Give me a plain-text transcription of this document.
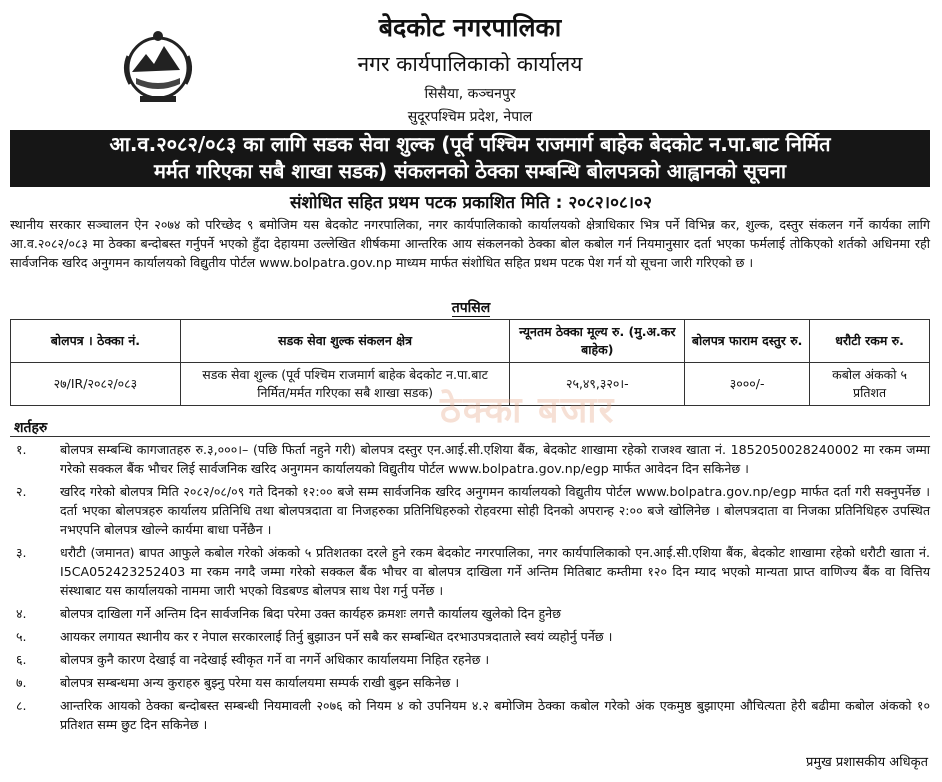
बेदकोट नगरपालिका
नगर कार्यपालिकाको कार्यालय
सिसैया, कञ्चनपुर
सुदूरपश्चिम प्रदेश, नेपाल
आ.व.२०८२/०८३ का लागि सडक सेवा शुल्क (पूर्व पश्चिम राजमार्ग बाहेक बेदकोट न.पा.बाट निर्मित
मर्मत गरिएका सबै शाखा सडक) संकलनको ठेक्का सम्बन्धि बोलपत्रको आह्वानको सूचना
संशोधित सहित प्रथम पटक प्रकाशित मिति : २०८२।०८।०२
स्थानीय सरकार सञ्चालन ऐन २०७४ को परिच्छेद ९ बमोजिम यस बेदकोट नगरपालिका, नगर कार्यपालिकाको कार्यालयको क्षेत्राधिकार भित्र पर्ने विभिन्न कर, शुल्क, दस्तुर संकलन गर्ने कार्यका लागि आ.व.२०८२/०८३ मा ठेक्का बन्दोबस्त गर्नुपर्ने भएको हुँदा देहायमा उल्लेखित शीर्षकमा आन्तरिक आय संकलनको ठेक्का बोल कबोल गर्न नियमानुसार दर्ता भएका फर्मलाई तोकिएको शर्तको अधिनमा रही सार्वजनिक खरिद अनुगमन कार्यालयको विद्युतीय पोर्टल www.bolpatra.gov.np माध्यम मार्फत संशोधित सहित प्रथम पटक पेश गर्न यो सूचना जारी गरिएको छ ।
तपसिल
बोलपत्र । ठेक्का नं.	सडक सेवा शुल्क संकलन क्षेत्र	न्यूनतम ठेक्का मूल्य रु. (मु.अ.कर बाहेक)	बोलपत्र फाराम दस्तुर रु.	धरौटी रकम रु.
२७/IR/२०८२/०८३	सडक सेवा शुल्क (पूर्व पश्चिम राजमार्ग बाहेक बेदकोट न.पा.बाट निर्मित/मर्मत गरिएका सबै शाखा सडक)	२५,४९,३२०।-	३०००/-	कबोल अंकको ५ प्रतिशत
ठेक्का बजार
शर्तहरु
१.	बोलपत्र सम्बन्धि कागजातहरु रु.३,०००।– (पछि फिर्ता नहुने गरी) बोलपत्र दस्तुर एन.आई.सी.एशिया बैंक, बेदकोट शाखामा रहेको राजश्व खाता नं. 1852050028240002 मा रकम जम्मा गरेको सक्कल बैंक भौचर लिई सार्वजनिक खरिद अनुगमन कार्यालयको विद्युतीय पोर्टल www.bolpatra.gov.np/egp मार्फत आवेदन दिन सकिनेछ ।
२.	खरिद गरेको बोलपत्र मिति २०८२/०८/०९ गते दिनको १२:०० बजे सम्म सार्वजनिक खरिद अनुगमन कार्यालयको विद्युतीय पोर्टल www.bolpatra.gov.np/egp मार्फत दर्ता गरी सक्नुपर्नेछ । दर्ता भएका बोलपत्रहरु कार्यालय प्रतिनिधि तथा बोलपत्रदाता वा निजहरुका प्रतिनिधिहरुको रोहवरमा सोही दिनको अपरान्ह २:०० बजे खोलिनेछ । बोलपत्रदाता वा निजका प्रतिनिधिहरु उपस्थित नभएपनि बोलपत्र खोल्ने कार्यमा बाधा पर्नेछैन ।
३.	धरौटी (जमानत) बापत आफुले कबोल गरेको अंकको ५ प्रतिशतका दरले हुने रकम बेदकोट नगरपालिका, नगर कार्यपालिकाको एन.आई.सी.एशिया बैंक, बेदकोट शाखामा रहेको धरौटी खाता नं. I5CA052423252403 मा रकम नगदै जम्मा गरेको सक्कल बैंक भौचर वा बोलपत्र दाखिला गर्ने अन्तिम मितिबाट कम्तीमा १२० दिन म्याद भएको मान्यता प्राप्त वाणिज्य बैंक वा वित्तिय संस्थाबाट यस कार्यालयको नाममा जारी भएको विडबण्ड बोलपत्र साथ पेश गर्नु पर्नेछ ।
४.	बोलपत्र दाखिला गर्ने अन्तिम दिन सार्वजनिक बिदा परेमा उक्त कार्यहरु क्रमशः लगत्तै कार्यालय खुलेको दिन हुनेछ
५.	आयकर लगायत स्थानीय कर र नेपाल सरकारलाई तिर्नु बुझाउन पर्ने सबै कर सम्बन्धित दरभाउपत्रदाताले स्वयं व्यहोर्नु पर्नेछ ।
६.	बोलपत्र कुनै कारण देखाई वा नदेखाई स्वीकृत गर्ने वा नगर्ने अधिकार कार्यालयमा निहित रहनेछ ।
७.	बोलपत्र सम्बन्धमा अन्य कुराहरु बुझ्नु परेमा यस कार्यालयमा सम्पर्क राखी बुझ्न सकिनेछ ।
८.	आन्तरिक आयको ठेक्का बन्दोबस्त सम्बन्धी नियमावली २०७६ को नियम ४ को उपनियम ४.२ बमोजिम ठेक्का कबोल गरेको अंक एकमुष्ठ बुझाएमा औचित्यता हेरी बढीमा कबोल अंकको १० प्रतिशत सम्म छुट दिन सकिनेछ ।
प्रमुख प्रशासकीय अधिकृत
